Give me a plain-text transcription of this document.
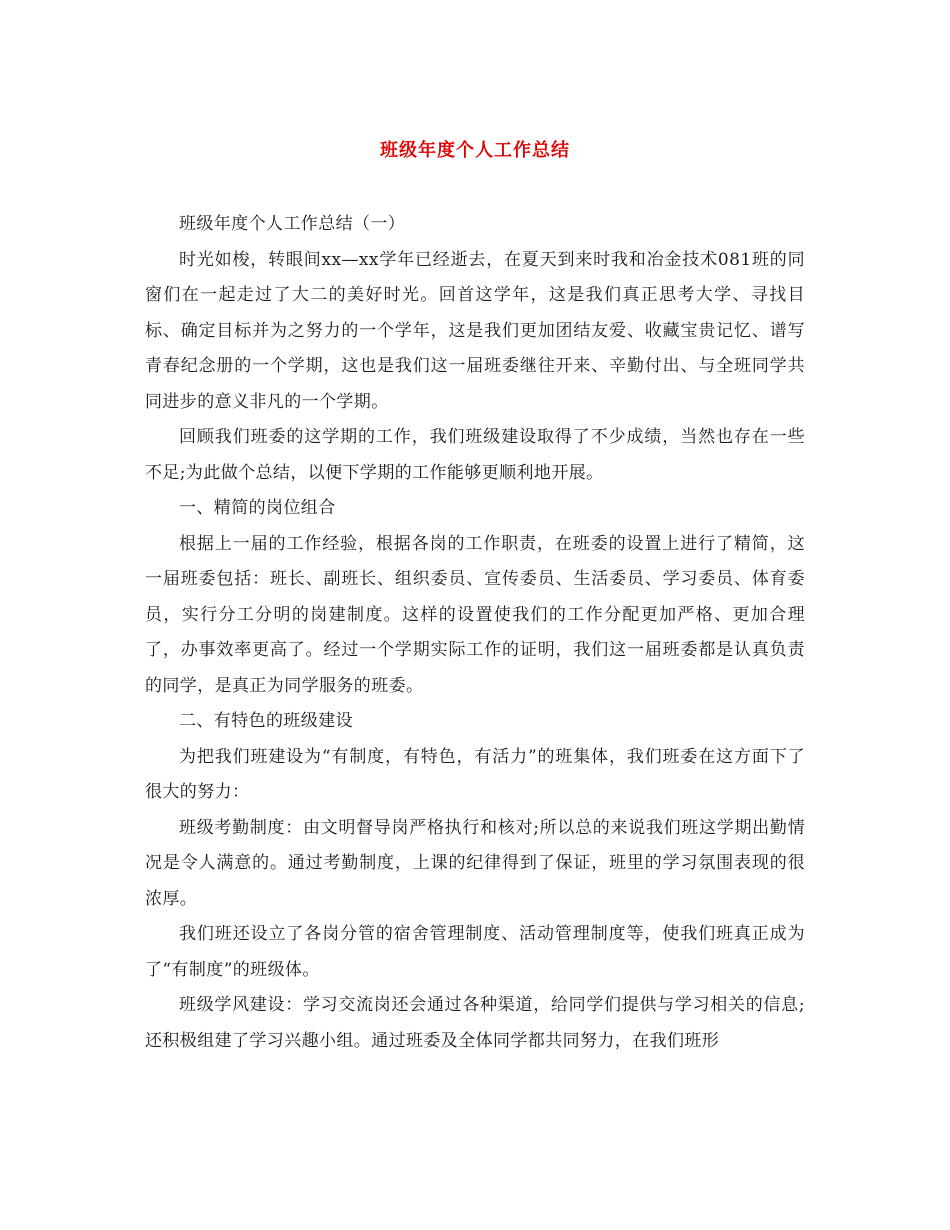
班级年度个人工作总结

班级年度个人工作总结（一）

时光如梭，转眼间xx—xx学年已经逝去，在夏天到来时我和冶金技术081班的同窗们在一起走过了大二的美好时光。回首这学年，这是我们真正思考大学、寻找目标、确定目标并为之努力的一个学年，这是我们更加团结友爱、收藏宝贵记忆、谱写青春纪念册的一个学期，这也是我们这一届班委继往开来、辛勤付出、与全班同学共同进步的意义非凡的一个学期。

回顾我们班委的这学期的工作，我们班级建设取得了不少成绩，当然也存在一些不足;为此做个总结，以便下学期的工作能够更顺利地开展。

一、精简的岗位组合

根据上一届的工作经验，根据各岗的工作职责，在班委的设置上进行了精简，这一届班委包括：班长、副班长、组织委员、宣传委员、生活委员、学习委员、体育委员，实行分工分明的岗建制度。这样的设置使我们的工作分配更加严格、更加合理了，办事效率更高了。经过一个学期实际工作的证明，我们这一届班委都是认真负责的同学，是真正为同学服务的班委。

二、有特色的班级建设

为把我们班建设为“有制度，有特色，有活力”的班集体，我们班委在这方面下了很大的努力：

班级考勤制度：由文明督导岗严格执行和核对;所以总的来说我们班这学期出勤情况是令人满意的。通过考勤制度，上课的纪律得到了保证，班里的学习氛围表现的很浓厚。

我们班还设立了各岗分管的宿舍管理制度、活动管理制度等，使我们班真正成为了“有制度”的班级体。

班级学风建设：学习交流岗还会通过各种渠道，给同学们提供与学习相关的信息;还积极组建了学习兴趣小组。通过班委及全体同学都共同努力，在我们班形
